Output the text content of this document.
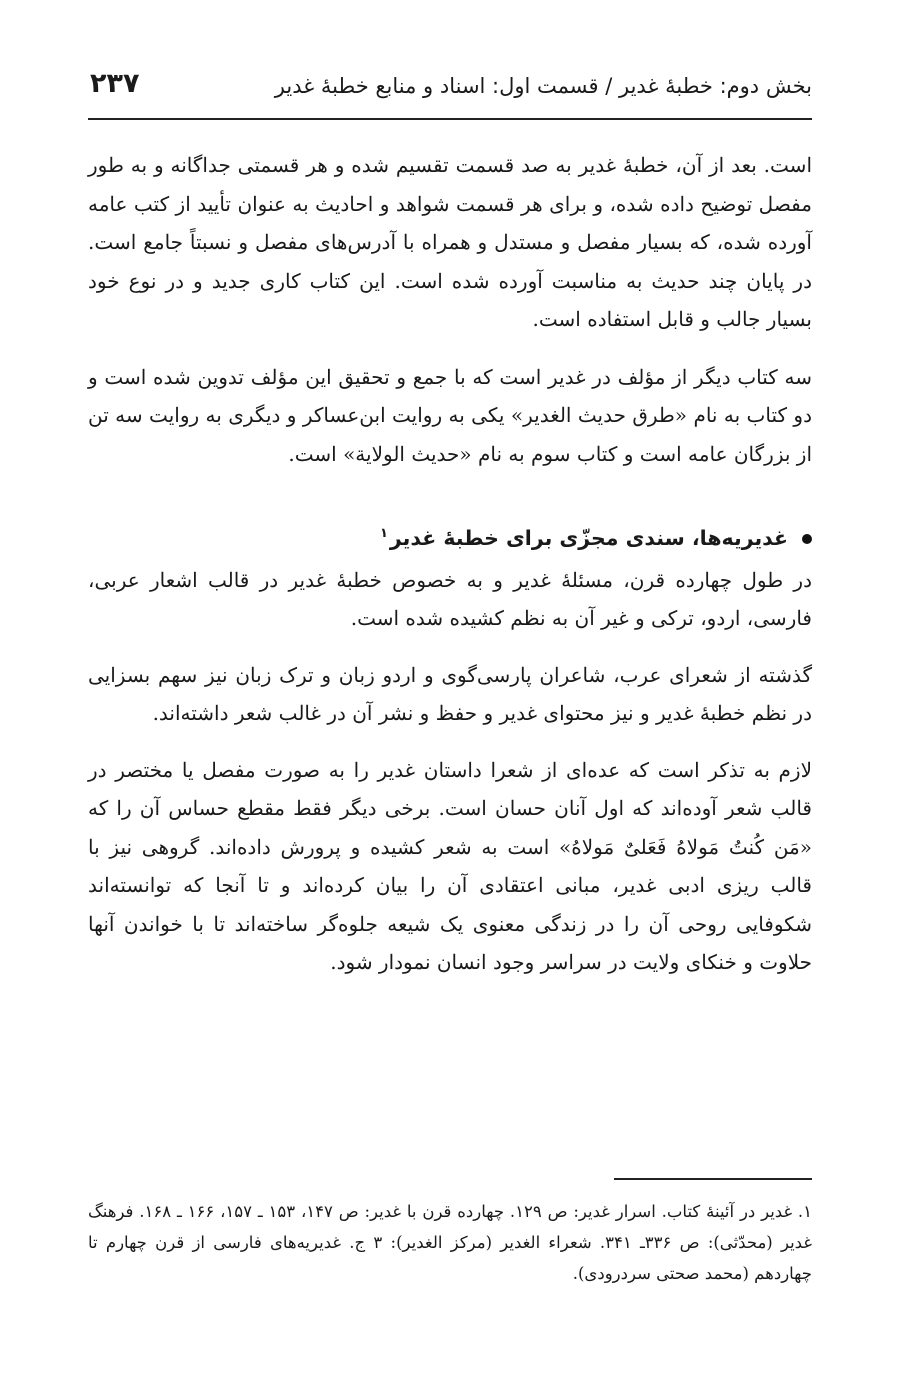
بخش دوم: خطبهٔ غدیر / قسمت اول: اسناد و منابع خطبهٔ غدیر
۲۳۷

است. بعد از آن، خطبهٔ غدیر به صد قسمت تقسیم شده و هر قسمتی جداگانه و به طور مفصل توضیح داده شده، و برای هر قسمت شواهد و احادیث به عنوان تأیید از کتب عامه آورده شده، که بسیار مفصل و مستدل و همراه با آدرس‌های مفصل و نسبتاً جامع است. در پایان چند حدیث به مناسبت آورده شده است. این کتاب کاری جدید و در نوع خود بسیار جالب و قابل استفاده است.

سه کتاب دیگر از مؤلف در غدیر است که با جمع و تحقیق این مؤلف تدوین شده است و دو کتاب به نام «طرق حدیث الغدیر» یکی به روایت ابن‌عساکر و دیگری به روایت سه تن از بزرگان عامه است و کتاب سوم به نام «حدیث الولایة» است.

غدیریه‌ها، سندی مجزّی برای خطبهٔ غدیر$^۱$

در طول چهارده قرن، مسئلهٔ غدیر و به خصوص خطبهٔ غدیر در قالب اشعار عربی، فارسی، اردو، ترکی و غیر آن به نظم کشیده شده است.

گذشته از شعرای عرب، شاعران پارسی‌گوی و اردو زبان و ترک زبان نیز سهم بسزایی در نظم خطبهٔ غدیر و نیز محتوای غدیر و حفظ و نشر آن در غالب شعر داشته‌اند.

لازم به تذکر است که عده‌ای از شعرا داستان غدیر را به صورت مفصل یا مختصر در قالب شعر آوده‌اند که اول آنان حسان است. برخی دیگر فقط مقطع حساس آن را که «مَن کُنتُ مَولاهُ فَعَلیٌ مَولاهُ» است به شعر کشیده و پرورش داده‌اند. گروهی نیز با قالب ریزی ادبی غدیر، مبانی اعتقادی آن را بیان کرده‌اند و تا آنجا که توانسته‌اند شکوفایی روحی آن را در زندگی معنوی یک شیعه جلوه‌گر ساخته‌اند تا با خواندن آنها حلاوت و خنکای ولایت در سراسر وجود انسان نمودار شود.

۱. غدیر در آئینهٔ کتاب. اسرار غدیر: ص ۱۲۹. چهارده قرن با غدیر: ص ۱۴۷، ۱۵۳ ـ ۱۵۷، ۱۶۶ ـ ۱۶۸. فرهنگ غدیر (محدّثی): ص ۳۳۶ـ ۳۴۱. شعراء الغدیر (مرکز الغدیر): ۳ ج. غدیریه‌های فارسی از قرن چهارم تا چهاردهم (محمد صحتی سردرودی).
